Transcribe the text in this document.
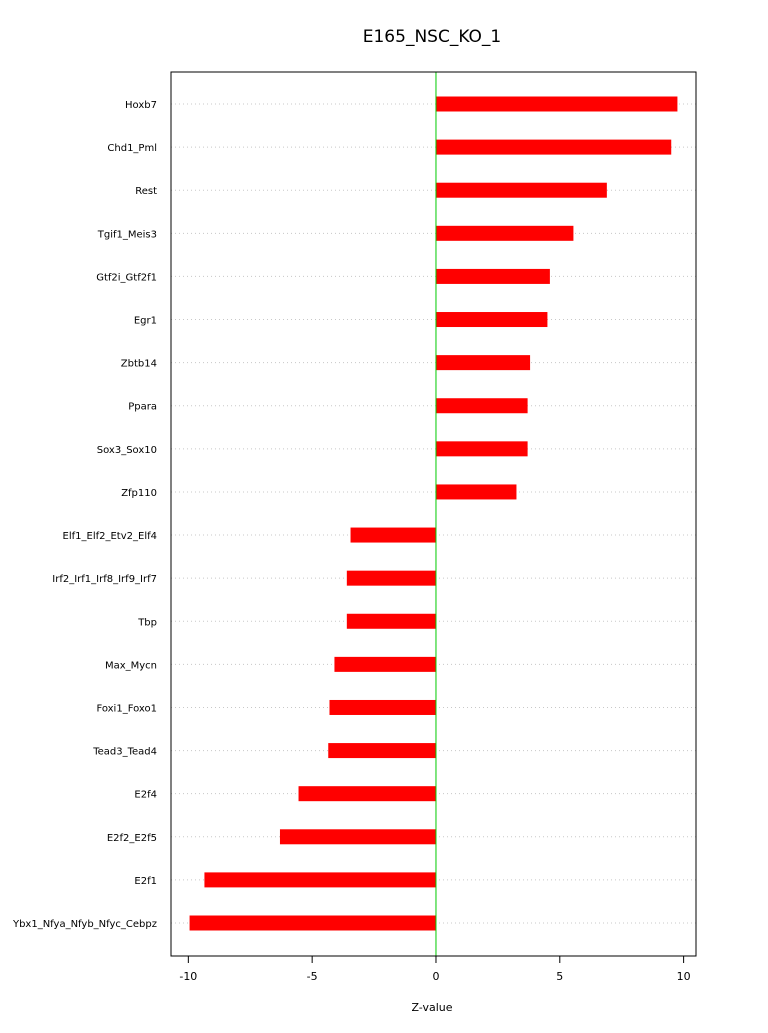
E165_NSC_KO_1
Hoxb7
Chd1_Pml
Rest
Tgif1_Meis3
Gtf2i_Gtf2f1
Egr1
Zbtb14
Ppara
Sox3_Sox10
Zfp110
Elf1_Elf2_Etv2_Elf4
Irf2_Irf1_Irf8_Irf9_Irf7
Tbp
Max_Mycn
Foxi1_Foxo1
Tead3_Tead4
E2f4
E2f2_E2f5
E2f1
Ybx1_Nfya_Nfyb_Nfyc_Cebpz
-10	-5	0	5	10
Z-value
